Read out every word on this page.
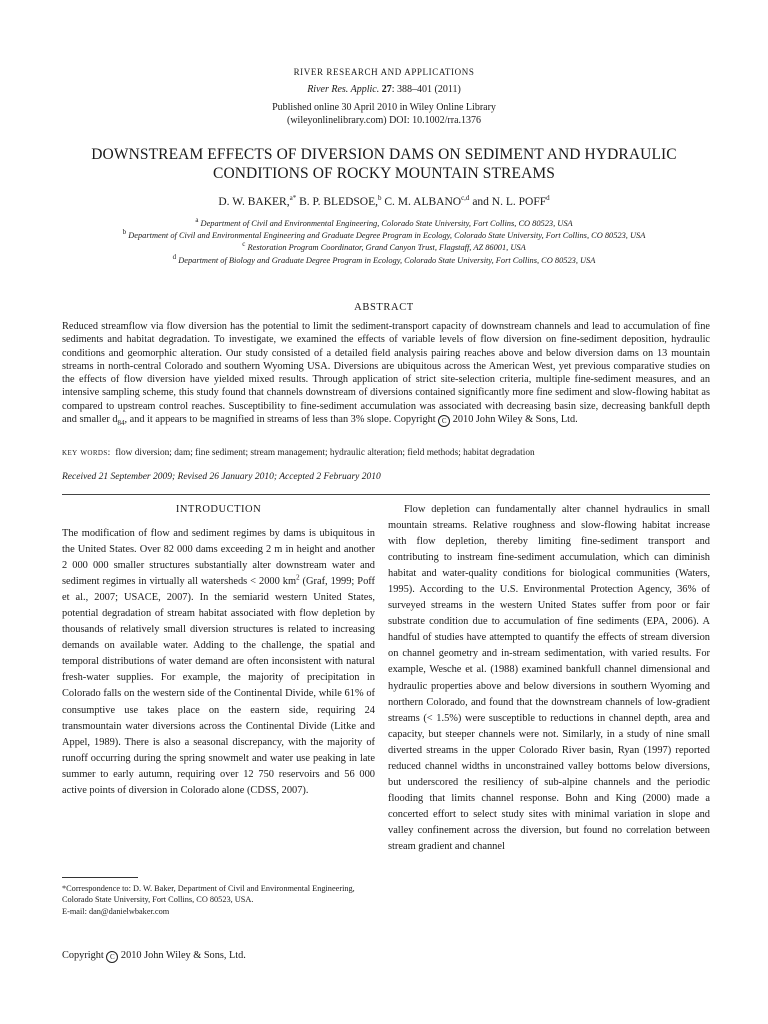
RIVER RESEARCH AND APPLICATIONS
River Res. Applic. 27: 388–401 (2011)
Published online 30 April 2010 in Wiley Online Library
(wileyonlinelibrary.com) DOI: 10.1002/rra.1376
DOWNSTREAM EFFECTS OF DIVERSION DAMS ON SEDIMENT AND HYDRAULIC
CONDITIONS OF ROCKY MOUNTAIN STREAMS
D. W. BAKER,$^{a*}$ B. P. BLEDSOE,$^b$ C. M. ALBANO$^{c,d}$ and N. L. POFF$^d$
$^a$ Department of Civil and Environmental Engineering, Colorado State University, Fort Collins, CO 80523, USA
$^b$ Department of Civil and Environmental Engineering and Graduate Degree Program in Ecology, Colorado State University, Fort Collins, CO 80523, USA
$^c$ Restoration Program Coordinator, Grand Canyon Trust, Flagstaff, AZ 86001, USA
$^d$ Department of Biology and Graduate Degree Program in Ecology, Colorado State University, Fort Collins, CO 80523, USA
ABSTRACT
Reduced streamflow via flow diversion has the potential to limit the sediment-transport capacity of downstream channels and lead to accumulation of fine sediments and habitat degradation. To investigate, we examined the effects of variable levels of flow diversion on fine-sediment deposition, hydraulic conditions and geomorphic alteration. Our study consisted of a detailed field analysis pairing reaches above and below diversion dams on 13 mountain streams in north-central Colorado and southern Wyoming USA. Diversions are ubiquitous across the American West, yet previous comparative studies on the effects of flow diversion have yielded mixed results. Through application of strict site-selection criteria, multiple fine-sediment measures, and an intensive sampling scheme, this study found that channels downstream of diversions contained significantly more fine sediment and slow-flowing habitat as compared to upstream control reaches. Susceptibility to fine-sediment accumulation was associated with decreasing basin size, decreasing bankfull depth and smaller $d_{84}$, and it appears to be magnified in streams of less than 3% slope. Copyright C 2010 John Wiley & Sons, Ltd.
key words: flow diversion; dam; fine sediment; stream management; hydraulic alteration; field methods; habitat degradation
Received 21 September 2009; Revised 26 January 2010; Accepted 2 February 2010
INTRODUCTION

The modification of flow and sediment regimes by dams is ubiquitous in the United States. Over 82 000 dams exceeding 2 m in height and another 2 000 000 smaller structures substantially alter downstream water and sediment regimes in virtually all watersheds < 2000 $km^2$ (Graf, 1999; Poff et al., 2007; USACE, 2007). In the semiarid western United States, potential degradation of stream habitat associated with flow depletion by thousands of relatively small diversion structures is related to increasing demands on available water. Adding to the challenge, the spatial and temporal distributions of water demand are often inconsistent with natural fresh-water supplies. For example, the majority of precipitation in Colorado falls on the western side of the Continental Divide, while 61% of consumptive use takes place on the eastern side, requiring 24 transmountain water diversions across the Continental Divide (Litke and Appel, 1989). There is also a seasonal discrepancy, with the majority of runoff occurring during the spring snowmelt and water use peaking in late summer to early autumn, requiring over 12 750 reservoirs and 56 000 active points of diversion in Colorado alone (CDSS, 2007).

Flow depletion can fundamentally alter channel hydraulics in small mountain streams. Relative roughness and slow-flowing habitat increase with flow depletion, thereby limiting fine-sediment transport and contributing to instream fine-sediment accumulation, which can diminish habitat and water-quality conditions for biological communities (Waters, 1995). According to the U.S. Environmental Protection Agency, 36% of surveyed streams in the western United States suffer from poor or fair substrate condition due to accumulation of fine sediments (EPA, 2006). A handful of studies have attempted to quantify the effects of stream diversion on channel geometry and in-stream sedimentation, with varied results. For example, Wesche et al. (1988) examined bankfull channel dimensional and hydraulic properties above and below diversions in southern Wyoming and northern Colorado, and found that the downstream channels of low-gradient streams (< 1.5%) were susceptible to reductions in channel depth, area and capacity, but steeper channels were not. Similarly, in a study of nine small diverted streams in the upper Colorado River basin, Ryan (1997) reported reduced channel widths in unconstrained valley bottoms below diversions, but underscored the resiliency of sub-alpine channels and the periodic flooding that limits channel response. Bohn and King (2000) made a concerted effort to select study sites with minimal variation in slope and valley confinement across the diversion, but found no correlation between stream gradient and channel

*Correspondence to: D. W. Baker, Department of Civil and Environmental Engineering, Colorado State University, Fort Collins, CO 80523, USA.
E-mail: dan@danielwbaker.com
Copyright C 2010 John Wiley & Sons, Ltd.
